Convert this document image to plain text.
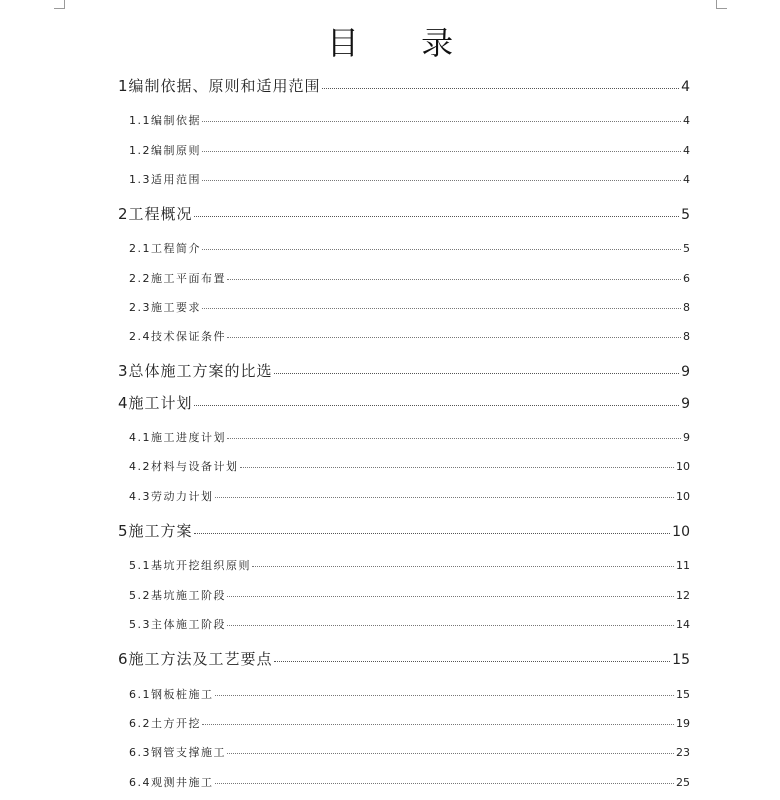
目 录
1 编制依据、原则和适用范围	4
1.1 编制依据	4
1.2 编制原则	4
1.3 适用范围	4
2 工程概况	5
2.1 工程简介	5
2.2 施工平面布置	6
2.3 施工要求	8
2.4 技术保证条件	8
3 总体施工方案的比选	9
4 施工计划	9
4.1 施工进度计划	9
4.2 材料与设备计划	10
4.3 劳动力计划	10
5 施工方案	10
5.1 基坑开挖组织原则	11
5.2 基坑施工阶段	12
5.3 主体施工阶段	14
6 施工方法及工艺要点	15
6.1 钢板桩施工	15
6.2 土方开挖	19
6.3 钢管支撑施工	23
6.4 观测井施工	25
